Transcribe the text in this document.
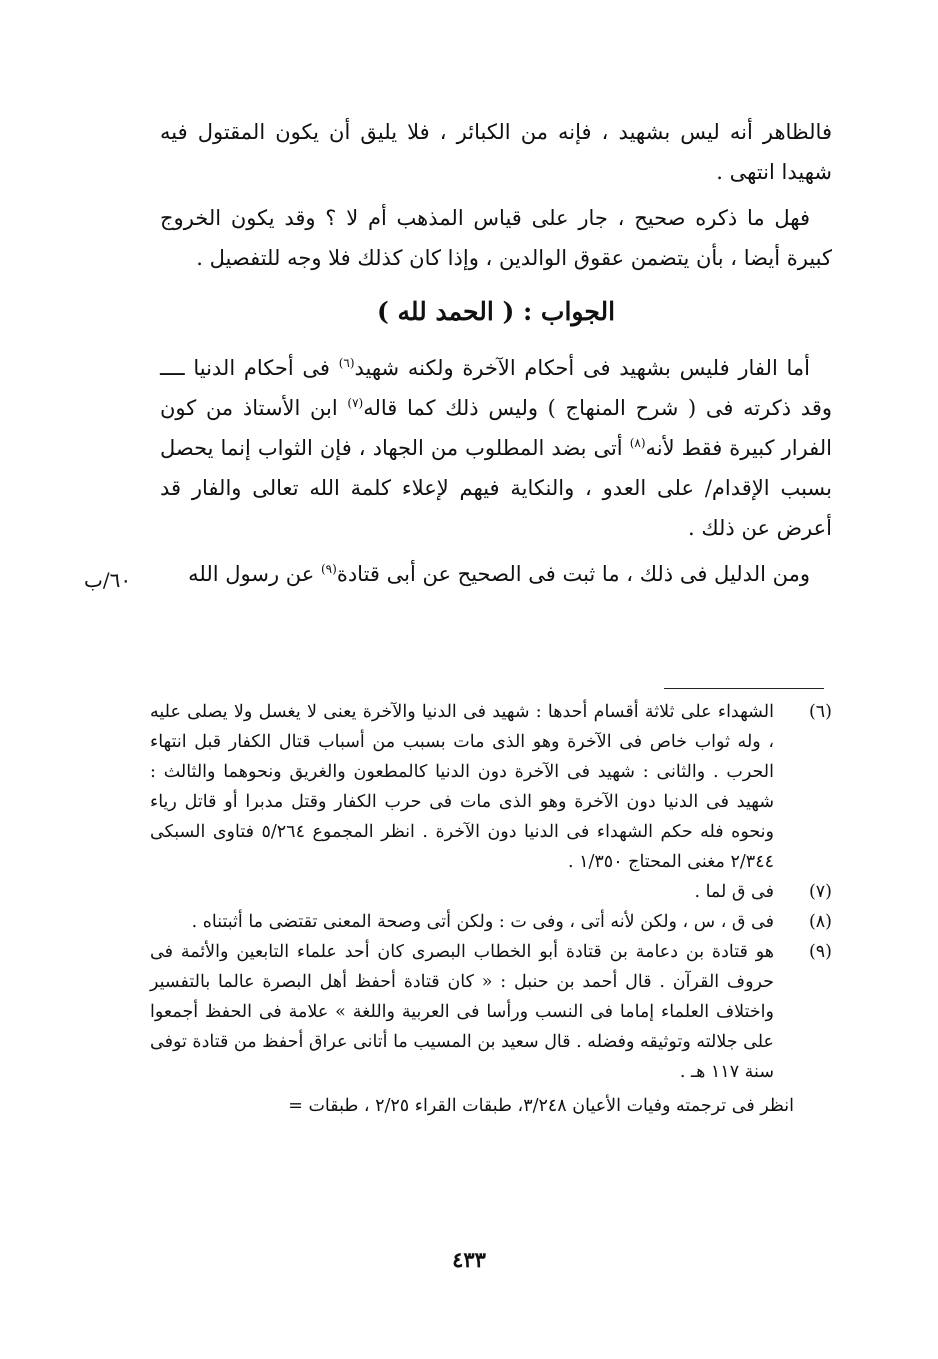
فالظاهر أنه ليس بشهيد ، فإنه من الكبائر ، فلا يليق أن يكون المقتول فيه شهيدا انتهى .

فهل ما ذكره صحيح ، جار على قياس المذهب أم لا ؟ وقد يكون الخروج كبيرة أيضا ، بأن يتضمن عقوق الوالدين ، وإذا كان كذلك فلا وجه للتفصيل .

الجواب : ( الحمد لله )

أما الفار فليس بشهيد فى أحكام الآخرة ولكنه شهيد$^{(٦)}$ فى أحكام الدنيا ــــ وقد ذكرته فى ( شرح المنهاج ) وليس ذلك كما قاله$^{(٧)}$ ابن الأستاذ من كون الفرار كبيرة فقط لأنه$^{(٨)}$ أتى بضد المطلوب من الجهاد ، فإن الثواب إنما يحصل بسبب الإقدام/ على العدو ، والنكاية فيهم لإعلاء كلمة الله تعالى والفار قد أعرض عن ذلك .

ومن الدليل فى ذلك ، ما ثبت فى الصحيح عن أبى قتادة$^{(٩)}$ عن رسول الله

٦٠/ب
(٦)
الشهداء على ثلاثة أقسام أحدها : شهيد فى الدنيا والآخرة يعنى لا يغسل ولا يصلى عليه ، وله ثواب خاص فى الآخرة وهو الذى مات بسبب من أسباب قتال الكفار قبل انتهاء الحرب . والثانى : شهيد فى الآخرة دون الدنيا كالمطعون والغريق ونحوهما والثالث : شهيد فى الدنيا دون الآخرة وهو الذى مات فى حرب الكفار وقتل مدبرا أو قاتل رياء ونحوه فله حكم الشهداء فى الدنيا دون الآخرة . انظر المجموع ٥/٢٦٤ فتاوى السبكى ٢/٣٤٤ مغنى المحتاج ١/٣٥٠ .
(٧)
فى ق لما .
(٨)
فى ق ، س ، ولكن لأنه أتى ، وفى ت : ولكن أتى وصحة المعنى تقتضى ما أثبتناه .
(٩)
هو قتادة بن دعامة بن قتادة أبو الخطاب البصرى كان أحد علماء التابعين والأئمة فى حروف القرآن . قال أحمد بن حنبل : « كان قتادة أحفظ أهل البصرة عالما بالتفسير واختلاف العلماء إماما فى النسب ورأسا فى العربية واللغة » علامة فى الحفظ أجمعوا على جلالته وتوثيقه وفضله . قال سعيد بن المسيب ما أتانى عراق أحفظ من قتادة توفى سنة ١١٧ هـ .

انظر فى ترجمته وفيات الأعيان ٣/٢٤٨، طبقات القراء ٢/٢٥ ، طبقات =

٤٣٣
